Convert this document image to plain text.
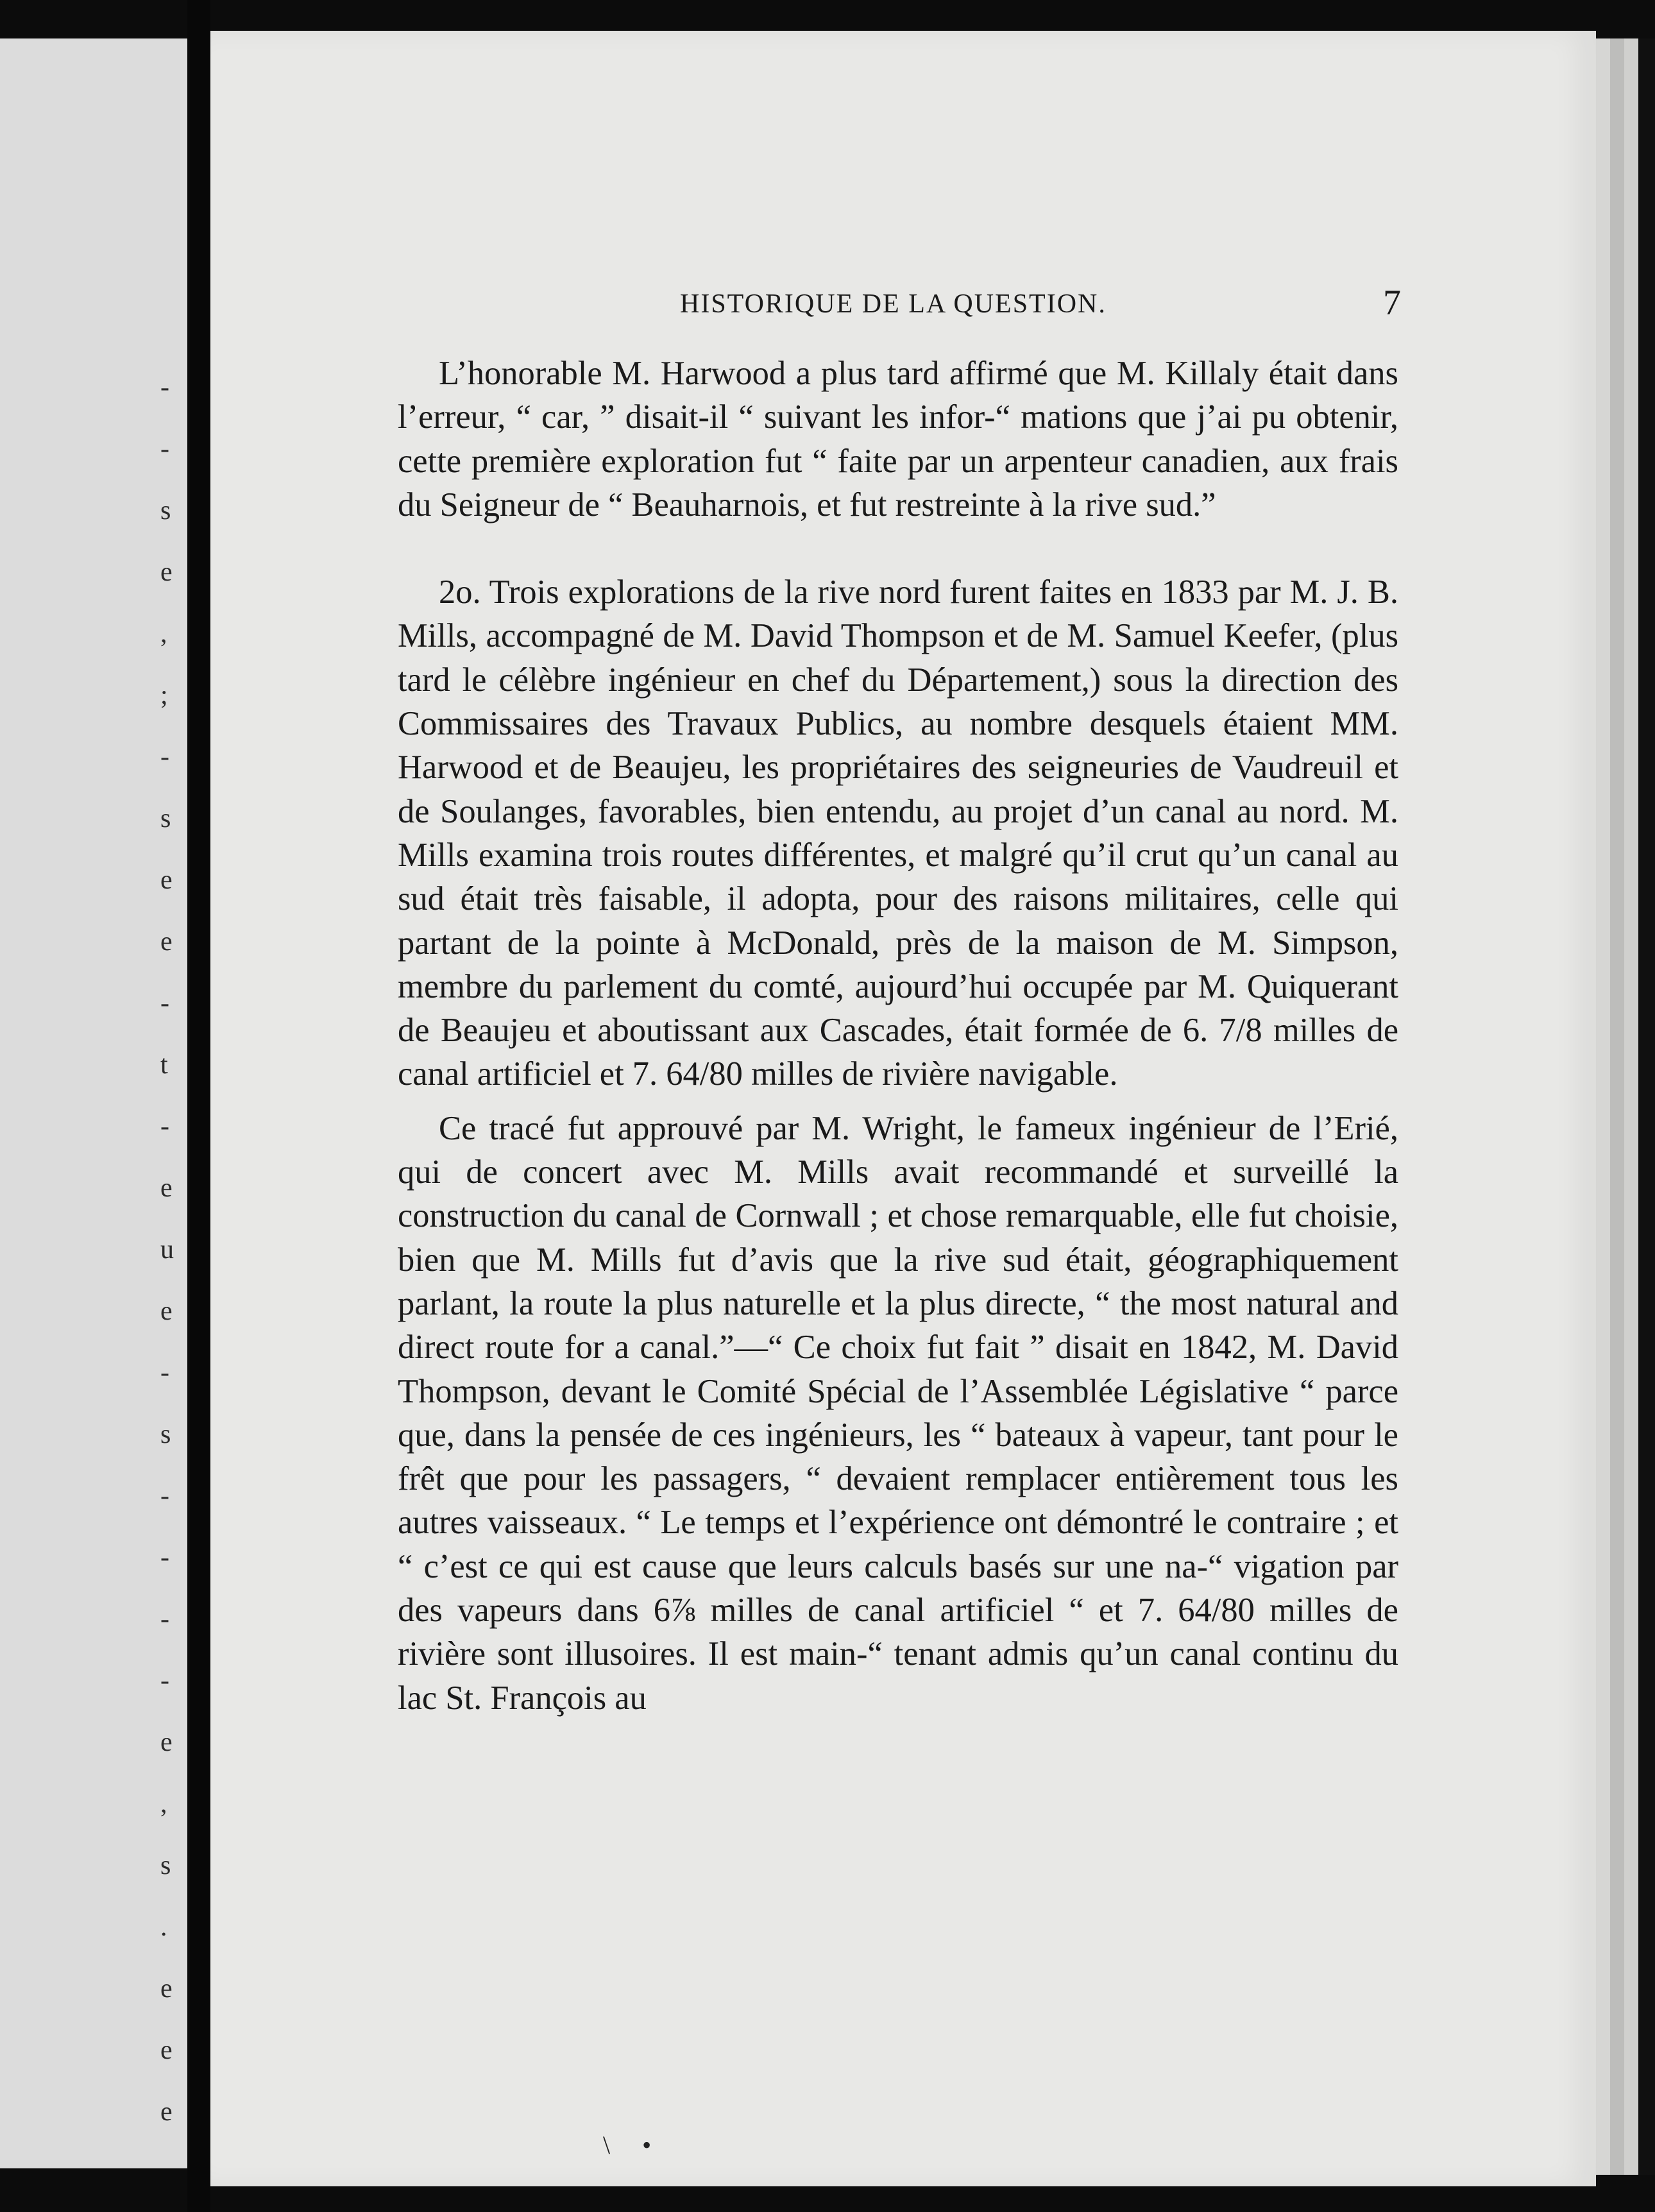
-
-
s
e
,
;
-
s
e
e
-
t
-
e
u
e
-
s
-
-
-
-
e
,
s
.
e
e
e
HISTORIQUE DE LA QUESTION.	7

L’honorable M. Harwood a plus tard affirmé que M. Killaly était dans l’erreur, “ car, ” disait-il “ suivant les infor-“ mations que j’ai pu obtenir, cette première exploration fut “ faite par un arpenteur canadien, aux frais du Seigneur de “ Beauharnois, et fut restreinte à la rive sud.”

2o. Trois explorations de la rive nord furent faites en 1833 par M. J. B. Mills, accompagné de M. David Thompson et de M. Samuel Keefer, (plus tard le célèbre ingénieur en chef du Département,) sous la direction des Commissaires des Travaux Publics, au nombre desquels étaient MM. Harwood et de Beaujeu, les propriétaires des seigneuries de Vaudreuil et de Soulanges, favorables, bien entendu, au projet d’un canal au nord. M. Mills examina trois routes différentes, et malgré qu’il crut qu’un canal au sud était très faisable, il adopta, pour des raisons militaires, celle qui partant de la pointe à McDonald, près de la maison de M. Simpson, membre du parlement du comté, aujourd’hui occupée par M. Quiquerant de Beaujeu et aboutissant aux Cascades, était formée de 6. 7/8 milles de canal artificiel et 7. 64/80 milles de rivière navigable.

Ce tracé fut approuvé par M. Wright, le fameux ingénieur de l’Erié, qui de concert avec M. Mills avait recommandé et surveillé la construction du canal de Cornwall ; et chose remarquable, elle fut choisie, bien que M. Mills fut d’avis que la rive sud était, géographiquement parlant, la route la plus naturelle et la plus directe, “ the most natural and direct route for a canal.”—“ Ce choix fut fait ” disait en 1842, M. David Thompson, devant le Comité Spécial de l’Assemblée Législative “ parce que, dans la pensée de ces ingénieurs, les “ bateaux à vapeur, tant pour le frêt que pour les passagers, “ devaient remplacer entièrement tous les autres vaisseaux. “ Le temps et l’expérience ont démontré le contraire ; et “ c’est ce qui est cause que leurs calculs basés sur une na-“ vigation par des vapeurs dans 6⅞ milles de canal artificiel “ et 7. 64/80 milles de rivière sont illusoires. Il est main-“ tenant admis qu’un canal continu du lac St. François au

\     •
